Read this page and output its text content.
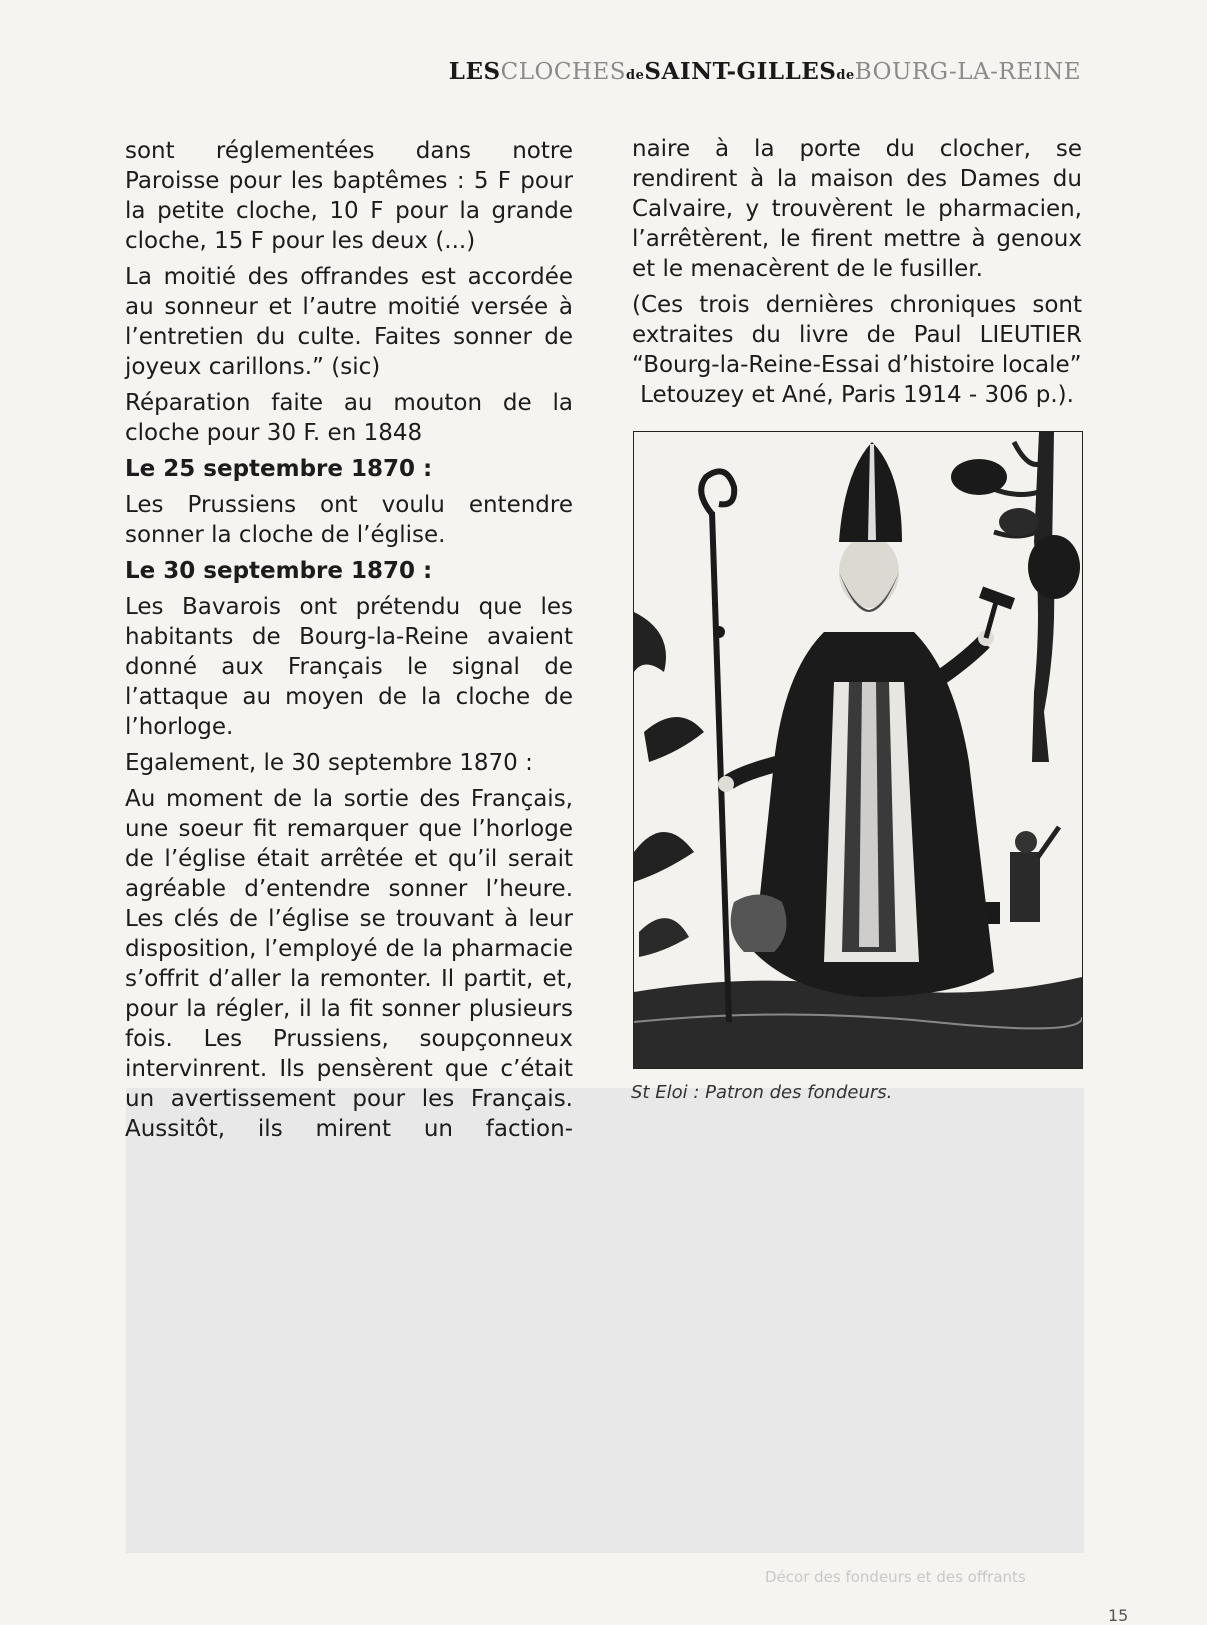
LESCLOCHESdeSAINT-GILLESdeBOURG-LA-REINE

sont réglementées dans notre Paroisse pour les baptêmes : 5 F pour la petite cloche, 10 F pour la grande cloche, 15 F pour les deux (...)

La moitié des offrandes est accordée au sonneur et l’autre moitié versée à l’entretien du culte. Faites sonner de joyeux carillons.” (sic)

Réparation faite au mouton de la cloche pour 30 F. en 1848

Le 25 septembre 1870 :

Les Prussiens ont voulu entendre sonner la cloche de l’église.

Le 30 septembre 1870 :

Les Bavarois ont prétendu que les habitants de Bourg-la-Reine avaient donné aux Français le signal de l’attaque au moyen de la cloche de l’horloge.

Egalement, le 30 septembre 1870 :

Au moment de la sortie des Français, une soeur fit remarquer que l’horloge de l’église était arrêtée et qu’il serait agréable d’entendre sonner l’heure. Les clés de l’église se trouvant à leur disposition, l’employé de la pharmacie s’offrit d’aller la remonter. Il partit, et, pour la régler, il la fit sonner plusieurs fois. Les Prussiens, soupçonneux intervinrent. Ils pensèrent que c’était un avertissement pour les Français. Aussitôt, ils mirent un faction-

naire à la porte du clocher, se rendirent à la maison des Dames du Calvaire, y trouvèrent le pharmacien, l’arrêtèrent, le firent mettre à genoux et le menacèrent de le fusiller.

(Ces trois dernières chroniques sont extraites du livre de Paul LIEUTIER “Bourg-la-Reine-Essai d’histoire locale”

Letouzey et Ané, Paris 1914 - 306 p.).

St Eloi : Patron des fondeurs.
Décor des fondeurs et des offrants
15
